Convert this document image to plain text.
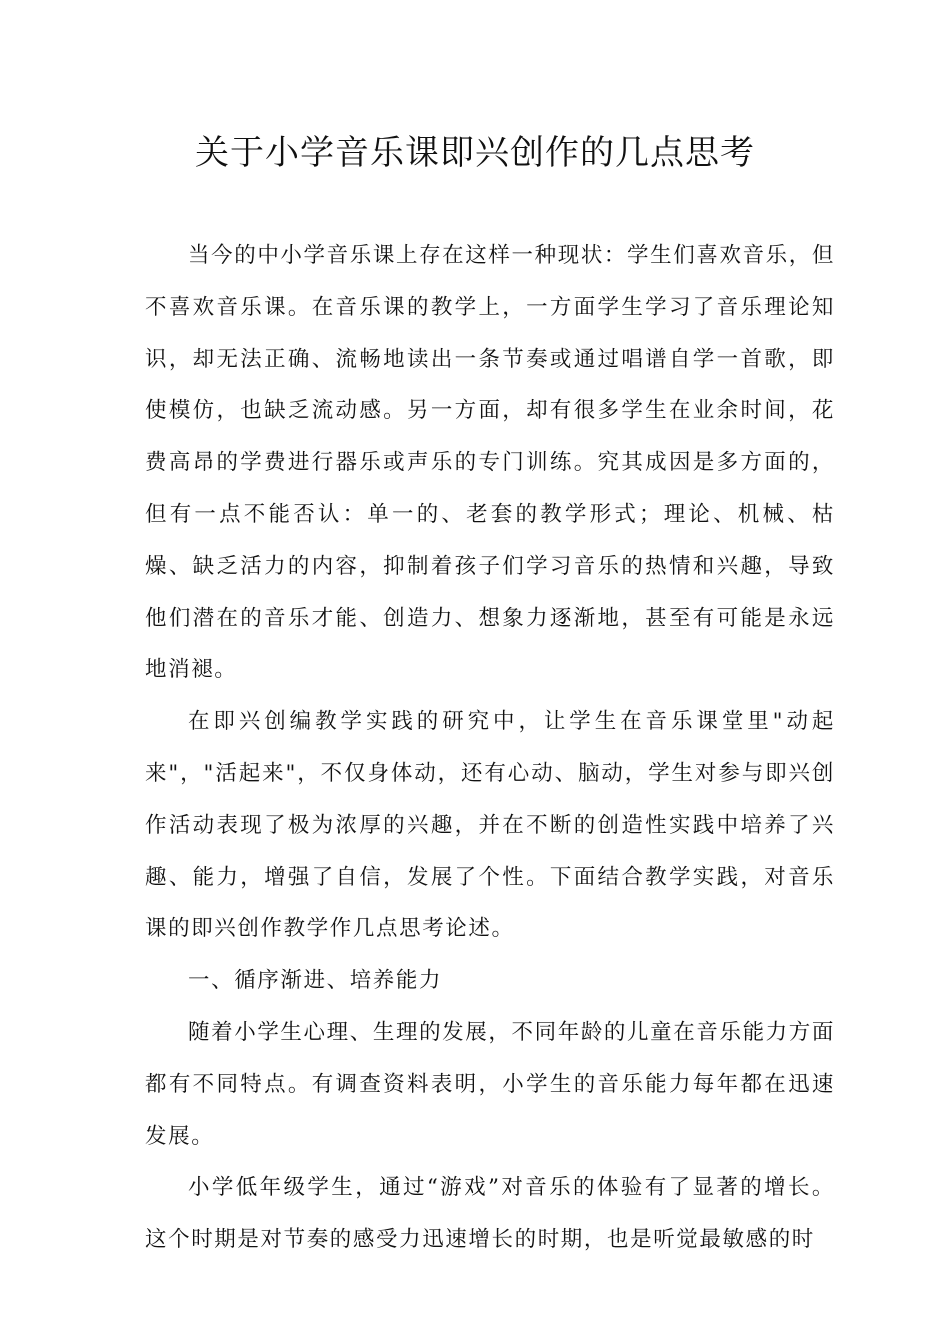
关于小学音乐课即兴创作的几点思考

当今的中小学音乐课上存在这样一种现状：学生们喜欢音乐，但不喜欢音乐课。在音乐课的教学上，一方面学生学习了音乐理论知识，却无法正确、流畅地读出一条节奏或通过唱谱自学一首歌，即使模仿，也缺乏流动感。另一方面，却有很多学生在业余时间，花费高昂的学费进行器乐或声乐的专门训练。究其成因是多方面的，但有一点不能否认：单一的、老套的教学形式；理论、机械、枯燥、缺乏活力的内容，抑制着孩子们学习音乐的热情和兴趣，导致他们潜在的音乐才能、创造力、想象力逐渐地，甚至有可能是永远地消褪。

在即兴创编教学实践的研究中，让学生在音乐课堂里"动起来"，"活起来"，不仅身体动，还有心动、脑动，学生对参与即兴创作活动表现了极为浓厚的兴趣，并在不断的创造性实践中培养了兴趣、能力，增强了自信，发展了个性。下面结合教学实践，对音乐课的即兴创作教学作几点思考论述。

一、循序渐进、培养能力

随着小学生心理、生理的发展，不同年龄的儿童在音乐能力方面都有不同特点。有调查资料表明，小学生的音乐能力每年都在迅速发展。

小学低年级学生，通过“游戏”对音乐的体验有了显著的增长。这个时期是对节奏的感受力迅速增长的时期，也是听觉最敏感的时
